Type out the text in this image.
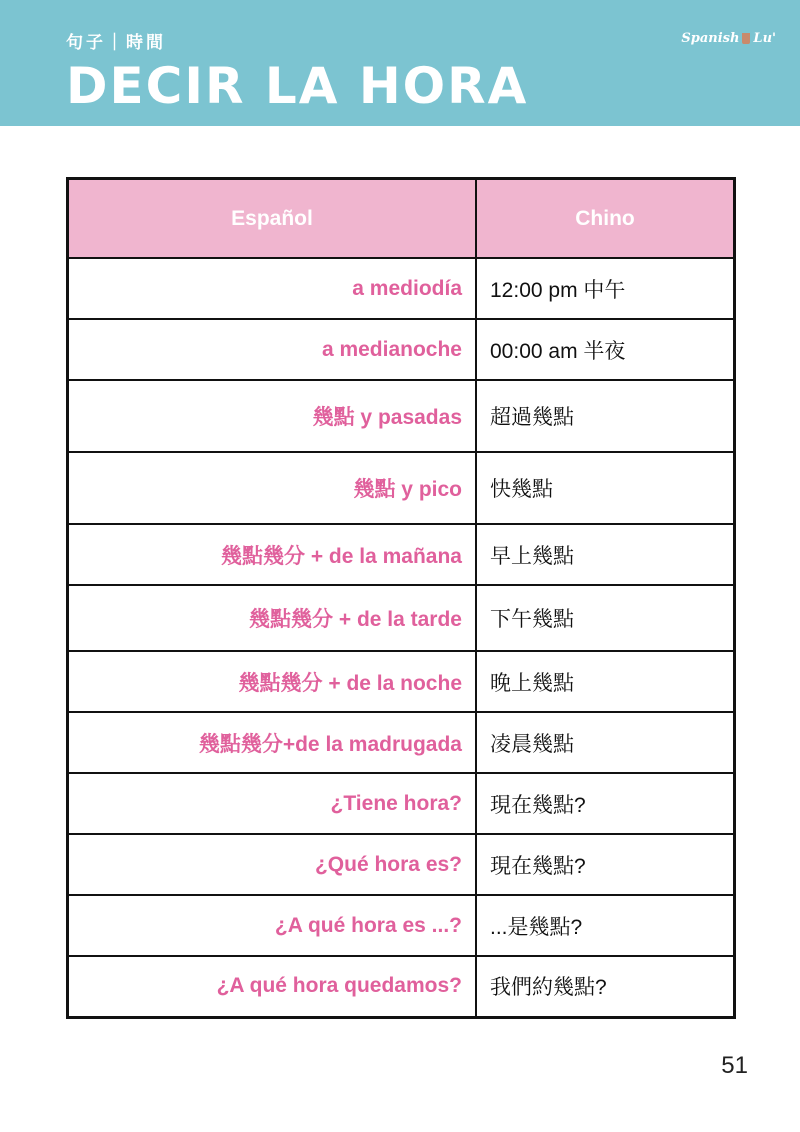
句子｜時間
DECIR LA HORA
Spanish Lu'
Español	Chino
a mediodía	12:00 pm 中午
a medianoche	00:00 am 半夜
幾點 y pasadas	超過幾點
幾點 y pico	快幾點
幾點幾分 + de la mañana	早上幾點
幾點幾分 + de la tarde	下午幾點
幾點幾分 + de la noche	晚上幾點
幾點幾分+de la madrugada	凌晨幾點
¿Tiene hora?	現在幾點?
¿Qué hora es?	現在幾點?
¿A qué hora es ...?	...是幾點?
¿A qué hora quedamos?	我們約幾點?
51
